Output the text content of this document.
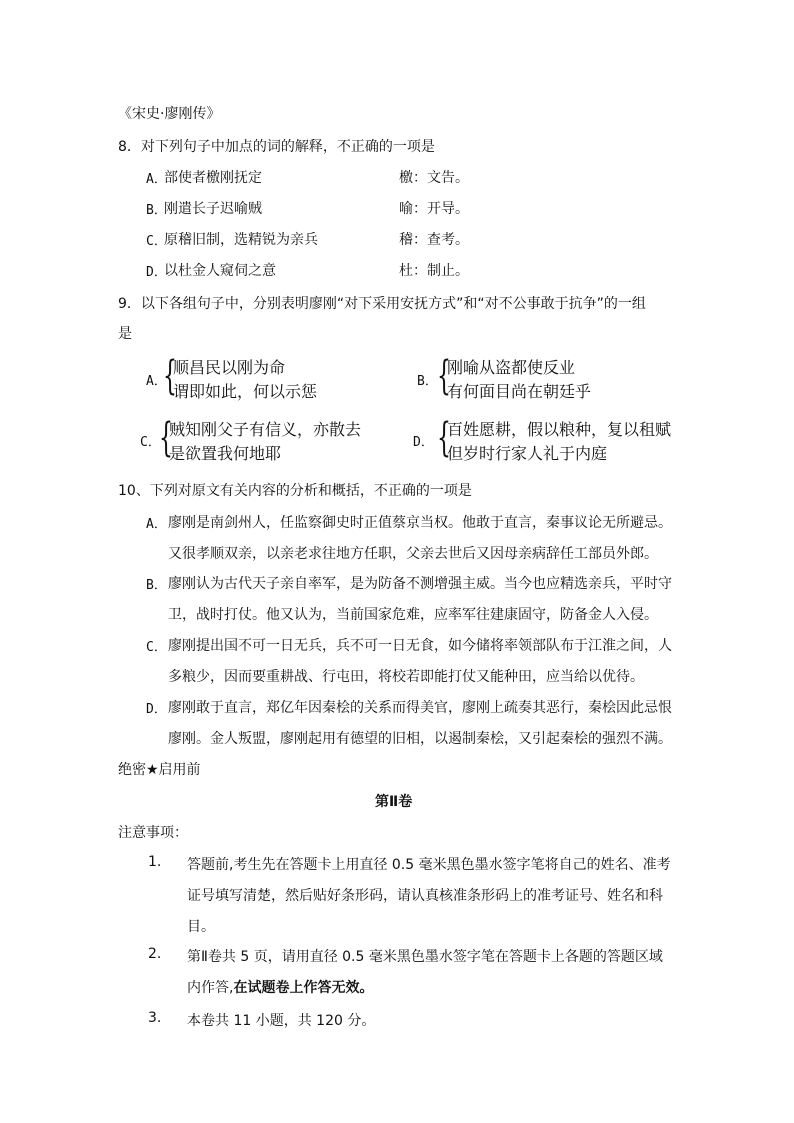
《宋史·廖刚传》
8．对下列句子中加点的词的解释，不正确的一项是
A．
部使者檄刚抚定	檄：文告。
B．
刚遣长子迟喻贼	喻：开导。
C．
原稽旧制，选精锐为亲兵	稽：查考。
D．
以杜金人窥伺之意	杜：制止。
9．以下各组句子中，分别表明廖刚“对下采用安抚方式”和“对不公事敢于抗争”的一组
是
A．
{
顺昌民以刚为命
谓即如此，何以示惩
B． {
刚喻从盗都使反业
有何面目尚在朝廷乎
C．
{
贼知刚父子有信义，亦散去
是欲置我何地耶
D． {
百姓愿耕，假以粮种，复以租赋
但岁时行家人礼于内庭
10、下列对原文有关内容的分析和概括，不正确的一项是
A． 廖刚是南剑州人，任监察御史时正值蔡京当权。他敢于直言，秦事议论无所避忌。
又很孝顺双亲，以亲老求往地方任职，父亲去世后又因母亲病辞任工部员外郎。
B． 廖刚认为古代天子亲自率军，是为防备不测增强主威。当今也应精选亲兵，平时守
卫，战时打仗。他又认为，当前国家危难，应率军往建康固守，防备金人入侵。
C． 廖刚提出国不可一日无兵，兵不可一日无食，如今储将率领部队布于江淮之间，人
多粮少，因而要重耕战、行屯田，将校若即能打仗又能种田，应当给以优待。
D． 廖刚敢于直言，郑亿年因秦桧的关系而得美官，廖刚上疏奏其恶行，秦桧因此忌恨
廖刚。金人叛盟，廖刚起用有德望的旧相，以遏制秦桧，又引起秦桧的强烈不满。
绝密★启用前
第Ⅱ卷
注意事项：
1. 答题前,考生先在答题卡上用直径 0.5 毫米黑色墨水签字笔将自己的姓名、准考
证号填写清楚，然后贴好条形码，请认真核准条形码上的准考证号、姓名和科
目。
2. 第Ⅱ卷共 5 页，请用直径 0.5 毫米黑色墨水签字笔在答题卡上各题的答题区域
内作答,在试题卷上作答无效。
3. 本卷共 11 小题，共 120 分。
